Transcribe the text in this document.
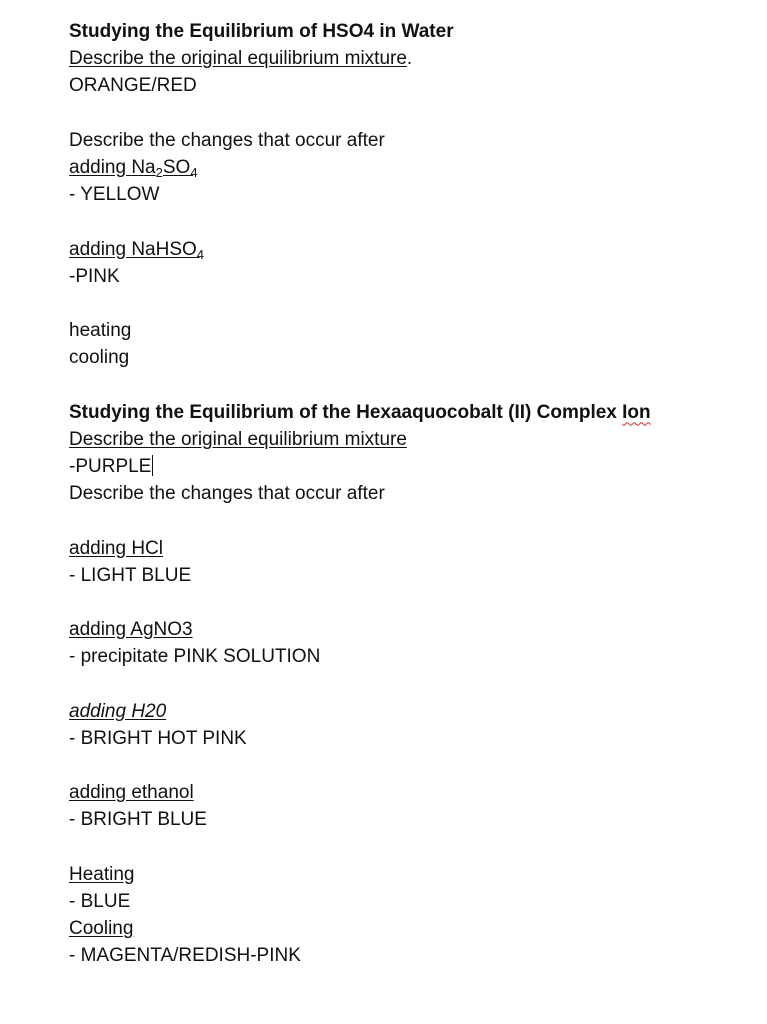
Studying the Equilibrium of HSO4 in Water
Describe the original equilibrium mixture.
ORANGE/RED
Describe the changes that occur after
adding $Na_2SO_4$
- YELLOW
adding NaHSO$_4$
-PINK
heating
cooling
Studying the Equilibrium of the Hexaaquocobalt (II) Complex Ion
Describe the original equilibrium mixture
-PURPLE
Describe the changes that occur after
adding HCl
- LIGHT BLUE
adding AgNO3
- precipitate PINK SOLUTION
adding H20
- BRIGHT HOT PINK
adding ethanol
- BRIGHT BLUE
Heating
- BLUE
Cooling
- MAGENTA/REDISH-PINK
